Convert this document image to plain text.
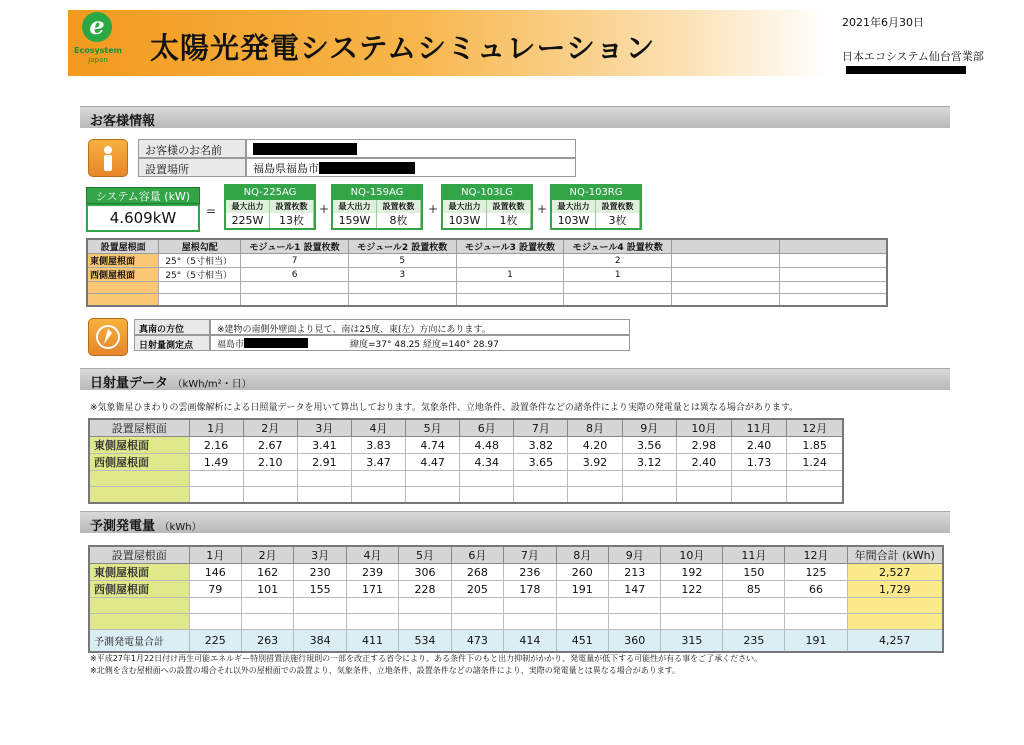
e
Ecosystem
Japan	太陽光発電システムシミュレーション
2021年6月30日
日本エコシステム仙台営業部
お客様情報
お客様のお名前
設置場所	福島県福島市
システム容量 (kW)
4.609kW	=
NQ-225AG
最大出力	設置枚数
225W	13枚
+
NQ-159AG
最大出力	設置枚数
159W	8枚
+
NQ-103LG
最大出力	設置枚数
103W	1枚
+
NQ-103RG
最大出力	設置枚数
103W	3枚
設置屋根面	屋根勾配	モジュール1 設置枚数	モジュール2 設置枚数	モジュール3 設置枚数	モジュール4 設置枚数		
東側屋根面	25°（5寸相当）	7	5		2		
西側屋根面	25°（5寸相当）	6	3	1	1		

真南の方位	※建物の南側外壁面より見て、南は25度、東(左）方向にあります。
日射量測定点	福島市	緯度=37° 48.25 経度=140° 28.97
日射量データ （kWh/m²・日）
※気象衛星ひまわりの雲画像解析による日照量データを用いて算出しております。気象条件、立地条件、設置条件などの諸条件により実際の発電量とは異なる場合があります。
設置屋根面	1月	2月	3月	4月	5月	6月	7月	8月	9月	10月	11月	12月
東側屋根面	2.16	2.67	3.41	3.83	4.74	4.48	3.82	4.20	3.56	2.98	2.40	1.85
西側屋根面	1.49	2.10	2.91	3.47	4.47	4.34	3.65	3.92	3.12	2.40	1.73	1.24

予測発電量 （kWh）
設置屋根面	1月	2月	3月	4月	5月	6月	7月	8月	9月	10月	11月	12月	年間合計 (kWh)
東側屋根面	146	162	230	239	306	268	236	260	213	192	150	125	2,527
西側屋根面	79	101	155	171	228	205	178	191	147	122	85	66	1,729

予測発電量合計	225	263	384	411	534	473	414	451	360	315	235	191	4,257
※平成27年1月22日付け再生可能エネルギー特別措置法施行規則の一部を改正する省令により、ある条件下のもと出力抑制がかかり、発電量が低下する可能性が有る事をご了承ください。
※北側を含む屋根面への設置の場合それ以外の屋根面での設置より、気象条件、立地条件、設置条件などの諸条件により、実際の発電量とは異なる場合があります。
